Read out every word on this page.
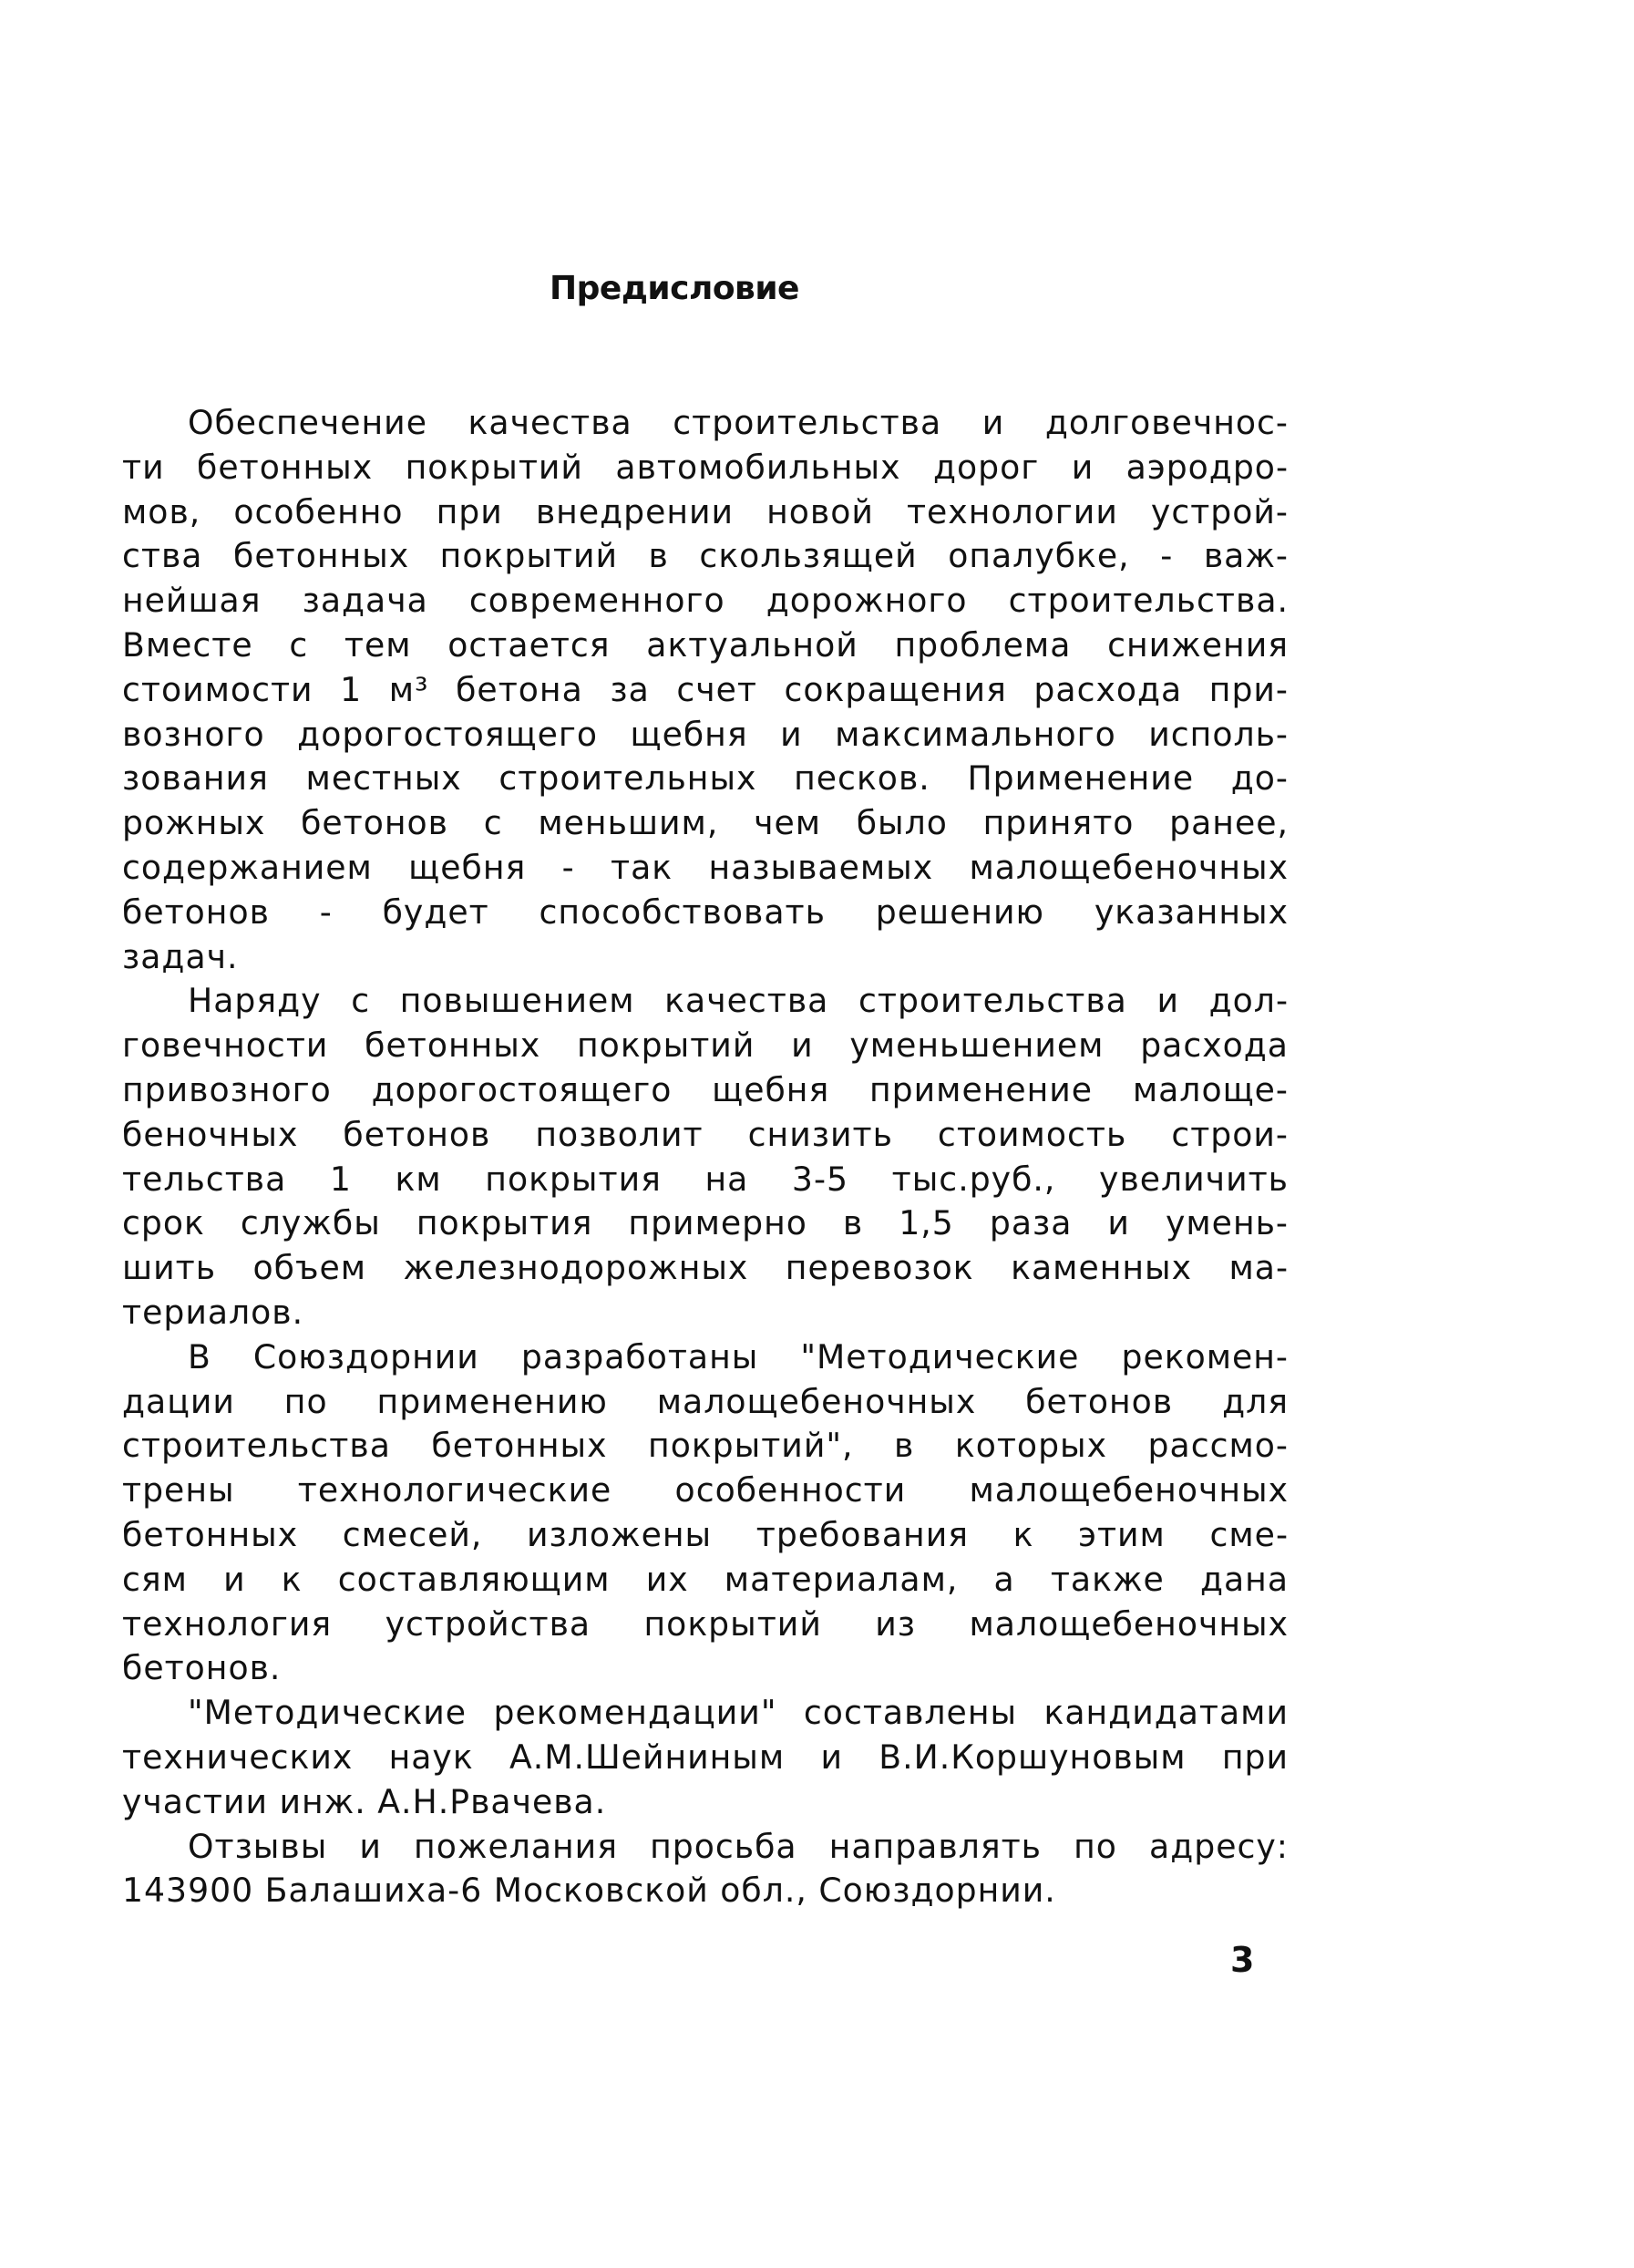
Предисловие
Обеспечение качества строительства и долговечнос-
ти бетонных покрытий автомобильных дорог и аэродро-
мов, особенно при внедрении новой технологии устрой-
ства бетонных покрытий в скользящей опалубке, - важ-
нейшая задача современного дорожного строительства.
Вместе с тем остается актуальной проблема снижения
стоимости 1 м³ бетона за счет сокращения расхода при-
возного дорогостоящего щебня и максимального исполь-
зования местных строительных песков. Применение до-
рожных бетонов с меньшим, чем было принято ранее,
содержанием щебня - так называемых малощебеночных
бетонов - будет способствовать решению указанных
задач.
Наряду с повышением качества строительства и дол-
говечности бетонных покрытий и уменьшением расхода
привозного дорогостоящего щебня применение малоще-
беночных бетонов позволит снизить стоимость строи-
тельства 1 км покрытия на 3-5 тыс.руб., увеличить
срок службы покрытия примерно в 1,5 раза и умень-
шить объем железнодорожных перевозок каменных ма-
териалов.
В Союздорнии разработаны "Методические рекомен-
дации по применению малощебеночных бетонов для
строительства бетонных покрытий", в которых рассмо-
трены технологические особенности малощебеночных
бетонных смесей, изложены требования к этим сме-
сям и к составляющим их материалам, а также дана
технология устройства покрытий из малощебеночных
бетонов.
"Методические рекомендации" составлены кандидатами
технических наук А.М.Шейниным и В.И.Коршуновым при
участии инж. А.Н.Рвачева.
Отзывы и пожелания просьба направлять по адресу:
143900 Балашиха-6 Московской обл., Союздорнии.
3
